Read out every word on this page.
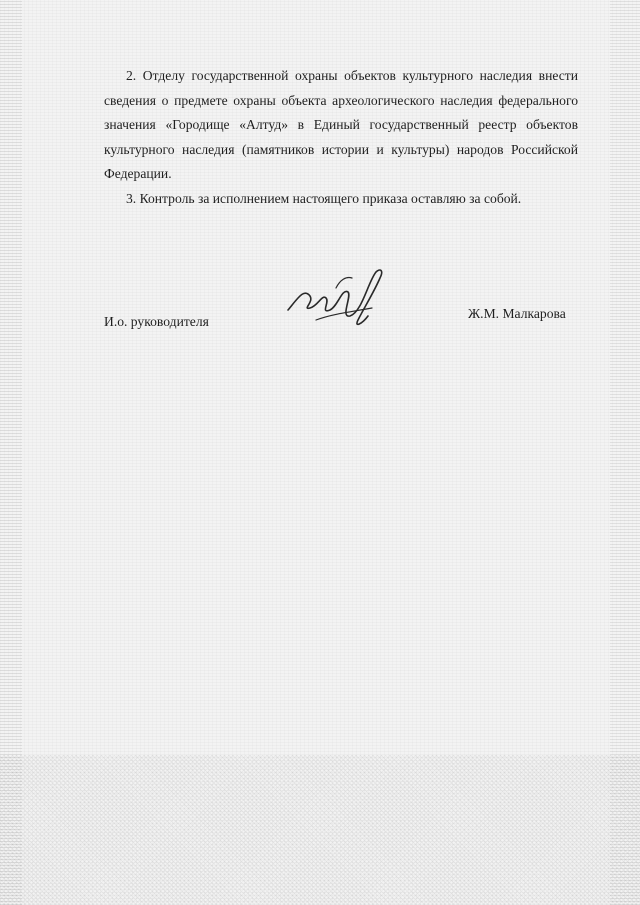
2. Отделу государственной охраны объектов культурного наследия внести сведения о предмете охраны объекта археологического наследия федерального значения «Городище «Алтуд» в Единый государственный реестр объектов культурного наследия (памятников истории и культуры) народов Российской Федерации.

3. Контроль за исполнением настоящего приказа оставляю за собой.

И.о. руководителя
Ж.М. Малкарова
